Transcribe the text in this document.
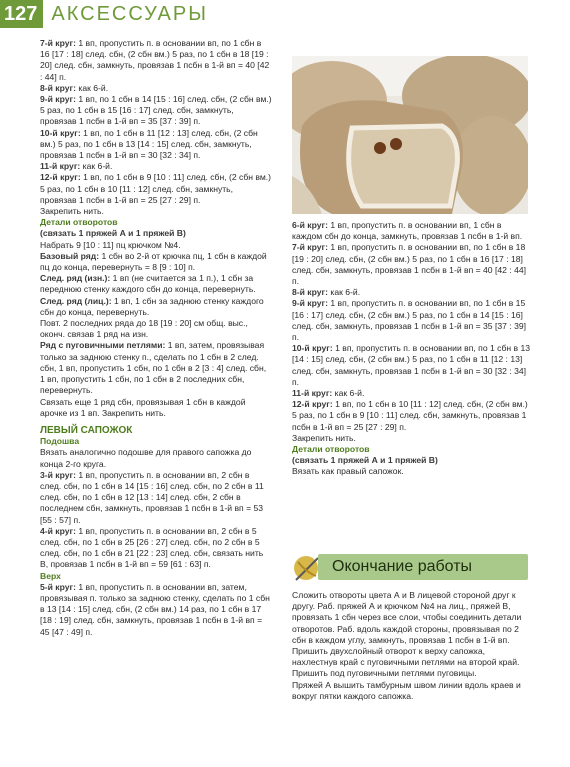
127 АКСЕССУАРЫ
7-й круг: 1 вп, пропустить п. в основании вп, по 1 сбн в 16 [17 : 18] след. сбн, (2 сбн вм.) 5 раз, по 1 сбн в 18 [19 : 20] след. сбн, замкнуть, провязав 1 псбн в 1-й вп = 40 [42 : 44] п.
8-й круг: как 6-й.
9-й круг: 1 вп, по 1 сбн в 14 [15 : 16] след. сбн, (2 сбн вм.) 5 раз, по 1 сбн в 15 [16 : 17] след. сбн, замкнуть, провязав 1 псбн в 1-й вп = 35 [37 : 39] п.
10-й круг: 1 вп, по 1 сбн в 11 [12 : 13] след. сбн, (2 сбн вм.) 5 раз, по 1 сбн в 13 [14 : 15] след. сбн, замкнуть, провязав 1 псбн в 1-й вп = 30 [32 : 34] п.
11-й круг: как 6-й.
12-й круг: 1 вп, по 1 сбн в 9 [10 : 11] след. сбн, (2 сбн вм.) 5 раз, по 1 сбн в 10 [11 : 12] след. сбн, замкнуть, провязав 1 псбн в 1-й вп = 25 [27 : 29] п.
Закрепить нить.
Детали отворотов
(связать 1 пряжей А и 1 пряжей В)
Набрать 9 [10 : 11] пц крючком №4.
Базовый ряд: 1 сбн во 2-й от крючка пц, 1 сбн в каждой пц до конца, перевернуть = 8 [9 : 10] п.
След. ряд (изн.): 1 вп (не считается за 1 п.), 1 сбн за переднюю стенку каждого сбн до конца, перевернуть.
След. ряд (лиц.): 1 вп, 1 сбн за заднюю стенку каждого сбн до конца, перевернуть.
Повт. 2 последних ряда до 18 [19 : 20] см общ. выс., оконч. связав 1 ряд на изн.
Ряд с пуговичными петлями: 1 вп, затем, провязывая только за заднюю стенку п., сделать по 1 сбн в 2 след. сбн, 1 вп, пропустить 1 сбн, по 1 сбн в 2 [3 : 4] след. сбн, 1 вп, пропустить 1 сбн, по 1 сбн в 2 последних сбн, перевернуть.
Связать еще 1 ряд сбн, провязывая 1 сбн в каждой арочке из 1 вп. Закрепить нить.
ЛЕВЫЙ САПОЖОК
Подошва
Вязать аналогично подошве для правого сапожка до конца 2-го круга.
3-й круг: 1 вп, пропустить п. в основании вп, 2 сбн в след. сбн, по 1 сбн в 14 [15 : 16] след. сбн, по 2 сбн в 11 след. сбн, по 1 сбн в 12 [13 : 14] след. сбн, 2 сбн в последнем сбн, замкнуть, провязав 1 псбн в 1-й вп = 53 [55 : 57] п.
4-й круг: 1 вп, пропустить п. в основании вп, 2 сбн в 5 след. сбн, по 1 сбн в 25 [26 : 27] след. сбн, по 2 сбн в 5 след. сбн, по 1 сбн в 21 [22 : 23] след. сбн, связать нить B, провязав 1 псбн в 1-й вп = 59 [61 : 63] п.
Верх
5-й круг: 1 вп, пропустить п. в основании вп, затем, провязывая п. только за заднюю стенку, сделать по 1 сбн в 13 [14 : 15] след. сбн, (2 сбн вм.) 14 раз, по 1 сбн в 17 [18 : 19] след. сбн, замкнуть, провязав 1 псбн в 1-й вп = 45 [47 : 49] п.
6-й круг: 1 вп, пропустить п. в основании вп, 1 сбн в каждом сбн до конца, замкнуть, провязав 1 псбн в 1-й вп.
7-й круг: 1 вп, пропустить п. в основании вп, по 1 сбн в 18 [19 : 20] след. сбн, (2 сбн вм.) 5 раз, по 1 сбн в 16 [17 : 18] след. сбн, замкнуть, провязав 1 псбн в 1-й вп = 40 [42 : 44] п.
8-й круг: как 6-й.
9-й круг: 1 вп, пропустить п. в основании вп, по 1 сбн в 15 [16 : 17] след. сбн, (2 сбн вм.) 5 раз, по 1 сбн в 14 [15 : 16] след. сбн, замкнуть, провязав 1 псбн в 1-й вп = 35 [37 : 39] п.
10-й круг: 1 вп, пропустить п. в основании вп, по 1 сбн в 13 [14 : 15] след. сбн, (2 сбн вм.) 5 раз, по 1 сбн в 11 [12 : 13] след. сбн, замкнуть, провязав 1 псбн в 1-й вп = 30 [32 : 34] п.
11-й круг: как 6-й.
12-й круг: 1 вп, по 1 сбн в 10 [11 : 12] след. сбн, (2 сбн вм.) 5 раз, по 1 сбн в 9 [10 : 11] след. сбн, замкнуть, провязав 1 псбн в 1-й вп = 25 [27 : 29] п.
Закрепить нить.
Детали отворотов
(связать 1 пряжей А и 1 пряжей В)
Вязать как правый сапожок.
Окончание работы
Сложить отвороты цвета А и В лицевой стороной друг к другу. Раб. пряжей А и крючком №4 на лиц., пряжей В, провязать 1 сбн через все слои, чтобы соединить детали отворотов. Раб. вдоль каждой стороны, провязывая по 2 сбн в каждом углу, замкнуть, провязав 1 псбн в 1-й вп.
Пришить двухслойный отворот к верху сапожка, нахлестнув край с пуговичными петлями на второй край. Пришить под пуговичными петлями пуговицы.
Пряжей А вышить тамбурным швом линии вдоль краев и вокруг пятки каждого сапожка.
